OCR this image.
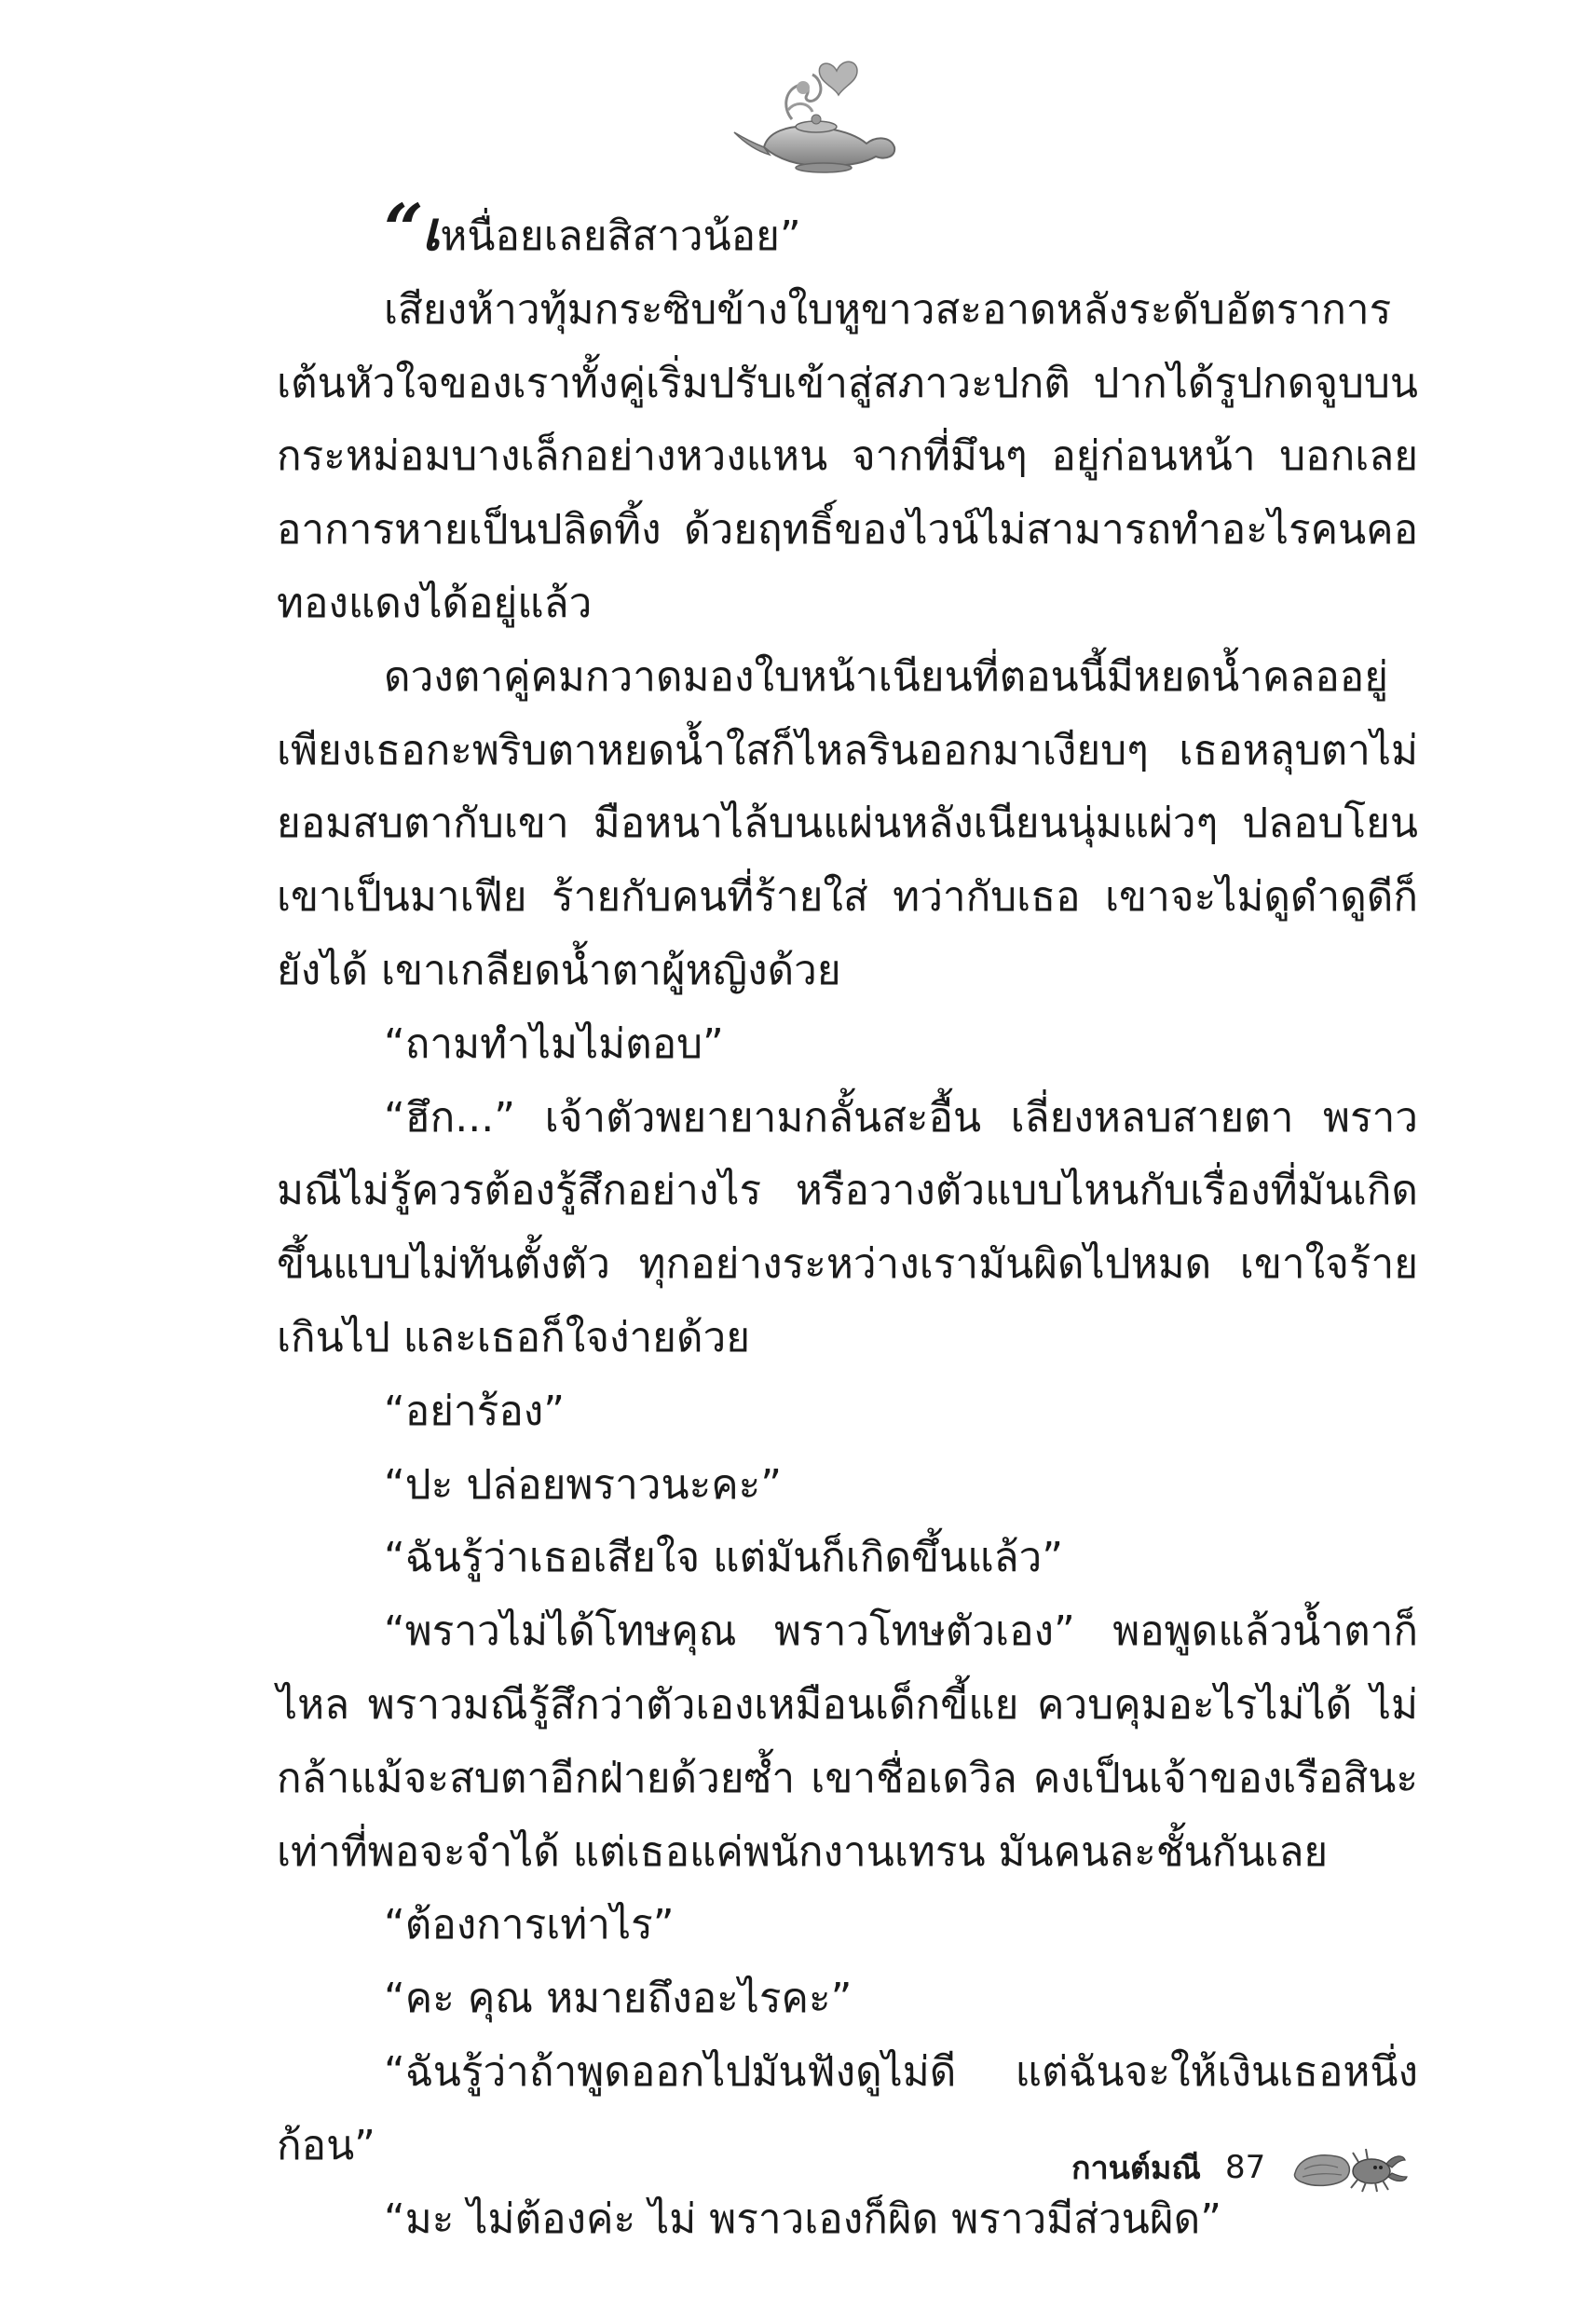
“เหนื่อยเลยสิสาวน้อย”

เสียงห้าวทุ้มกระซิบข้างใบหูขาวสะอาดหลังระดับอัตราการเต้นหัวใจของเราทั้งคู่เริ่มปรับเข้าสู่สภาวะปกติ ปากได้รูปกดจูบบนกระหม่อมบางเล็กอย่างหวงแหน จากที่มึนๆ อยู่ก่อนหน้า บอกเลยอาการหายเป็นปลิดทิ้ง ด้วยฤทธิ์ของไวน์ไม่สามารถทำอะไรคนคอทองแดงได้อยู่แล้ว

ดวงตาคู่คมกวาดมองใบหน้าเนียนที่ตอนนี้มีหยดน้ำคลออยู่ เพียงเธอกะพริบตาหยดน้ำใสก็ไหลรินออกมาเงียบๆ เธอหลุบตาไม่ยอมสบตากับเขา มือหนาไล้บนแผ่นหลังเนียนนุ่มแผ่วๆ ปลอบโยน เขาเป็นมาเฟีย ร้ายกับคนที่ร้ายใส่ ทว่ากับเธอ เขาจะไม่ดูดำดูดีก็ยังได้ เขาเกลียดน้ำตาผู้หญิงด้วย

“ถามทำไมไม่ตอบ”

“ฮึก...” เจ้าตัวพยายามกลั้นสะอื้น เลี่ยงหลบสายตา พราวมณีไม่รู้ควรต้องรู้สึกอย่างไร หรือวางตัวแบบไหนกับเรื่องที่มันเกิดขึ้นแบบไม่ทันตั้งตัว ทุกอย่างระหว่างเรามันผิดไปหมด เขาใจร้ายเกินไป และเธอก็ใจง่ายด้วย

“อย่าร้อง”

“ปะ ปล่อยพราวนะคะ”

“ฉันรู้ว่าเธอเสียใจ แต่มันก็เกิดขึ้นแล้ว”

“พราวไม่ได้โทษคุณ พราวโทษตัวเอง” พอพูดแล้วน้ำตาก็ไหล พราวมณีรู้สึกว่าตัวเองเหมือนเด็กขี้แย ควบคุมอะไรไม่ได้ ไม่กล้าแม้จะสบตาอีกฝ่ายด้วยซ้ำ เขาชื่อเดวิล คงเป็นเจ้าของเรือสินะ เท่าที่พอจะจำได้ แต่เธอแค่พนักงานเทรน มันคนละชั้นกันเลย

“ต้องการเท่าไร”

“คะ คุณ หมายถึงอะไรคะ”

“ฉันรู้ว่าถ้าพูดออกไปมันฟังดูไม่ดี แต่ฉันจะให้เงินเธอหนึ่งก้อน”

“มะ ไม่ต้องค่ะ ไม่ พราวเองก็ผิด พราวมีส่วนผิด”

กานต์มณี 87
